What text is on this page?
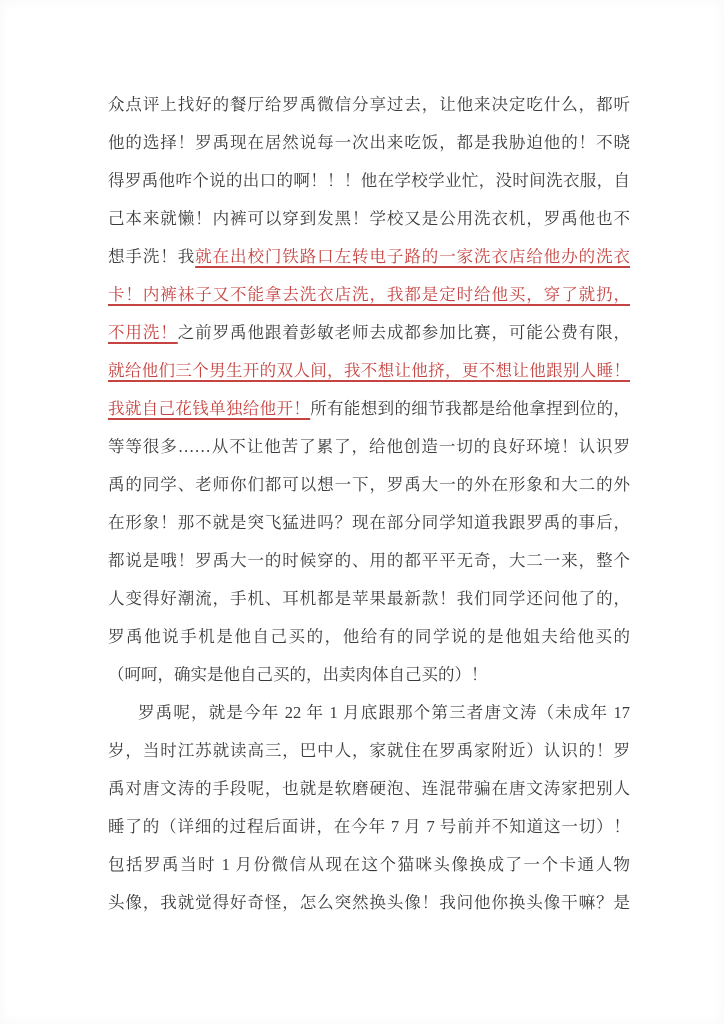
众点评上找好的餐厅给罗禹微信分享过去，让他来决定吃什么，都听
他的选择！罗禹现在居然说每一次出来吃饭，都是我胁迫他的！不晓
得罗禹他咋个说的出口的啊！！！他在学校学业忙，没时间洗衣服，自
己本来就懒！内裤可以穿到发黑！学校又是公用洗衣机，罗禹他也不
想手洗！我就在出校门铁路口左转电子路的一家洗衣店给他办的洗衣
卡！内裤袜子又不能拿去洗衣店洗，我都是定时给他买，穿了就扔，
不用洗！之前罗禹他跟着彭敏老师去成都参加比赛，可能公费有限，
就给他们三个男生开的双人间，我不想让他挤，更不想让他跟别人睡！
我就自己花钱单独给他开！所有能想到的细节我都是给他拿捏到位的，
等等很多……从不让他苦了累了，给他创造一切的良好环境！认识罗
禹的同学、老师你们都可以想一下，罗禹大一的外在形象和大二的外
在形象！那不就是突飞猛进吗？现在部分同学知道我跟罗禹的事后，
都说是哦！罗禹大一的时候穿的、用的都平平无奇，大二一来，整个
人变得好潮流，手机、耳机都是苹果最新款！我们同学还问他了的，
罗禹他说手机是他自己买的，他给有的同学说的是他姐夫给他买的
（呵呵，确实是他自己买的，出卖肉体自己买的）！
罗禹呢，就是今年 22 年 1 月底跟那个第三者唐文涛（未成年 17
岁，当时江苏就读高三，巴中人，家就住在罗禹家附近）认识的！罗
禹对唐文涛的手段呢，也就是软磨硬泡、连混带骗在唐文涛家把别人
睡了的（详细的过程后面讲，在今年 7 月 7 号前并不知道这一切）！
包括罗禹当时 1 月份微信从现在这个猫咪头像换成了一个卡通人物
头像，我就觉得好奇怪，怎么突然换头像！我问他你换头像干嘛？是
